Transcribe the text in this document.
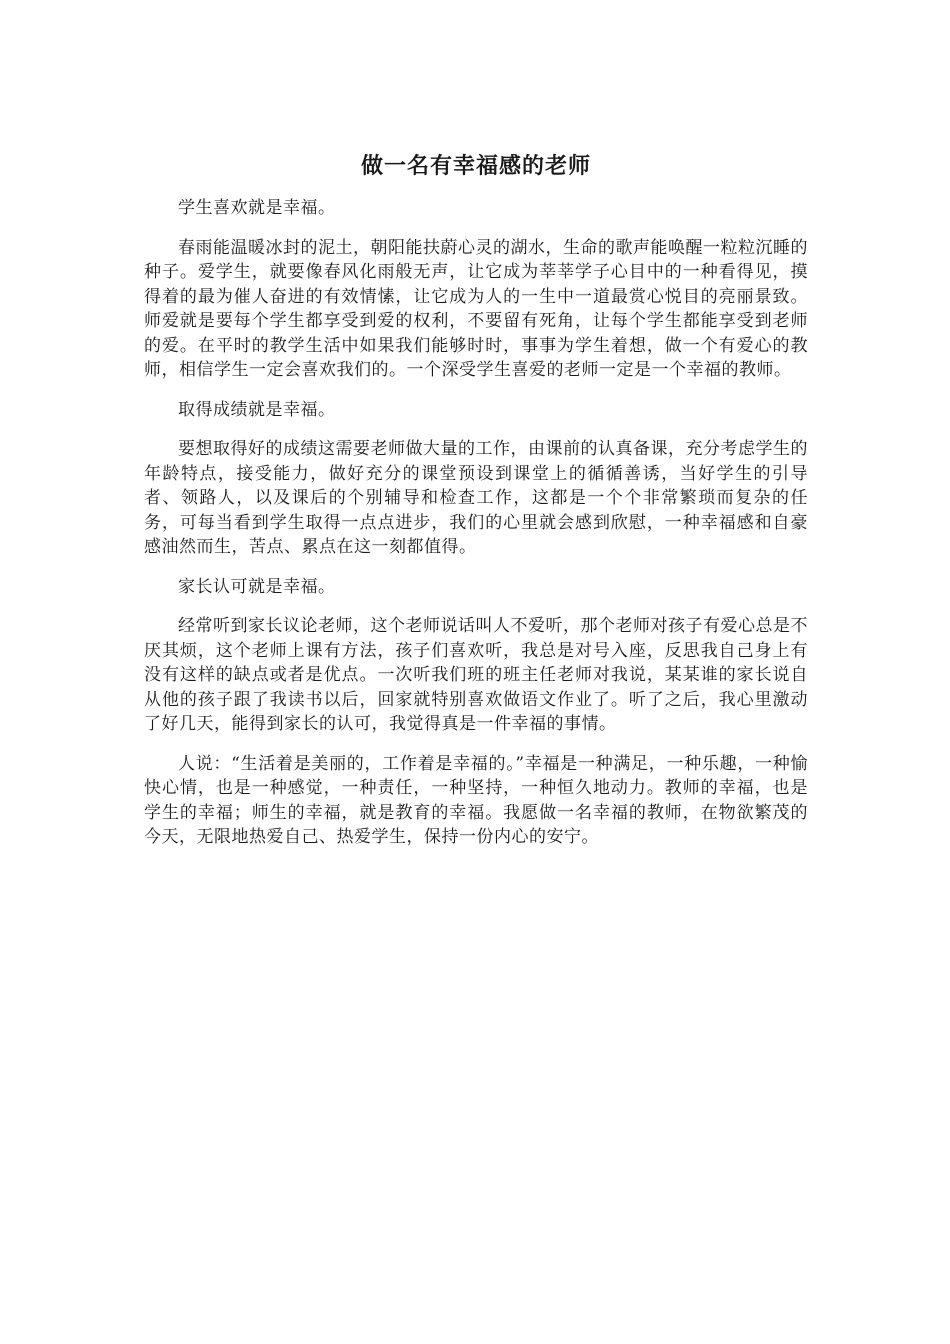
做一名有幸福感的老师

学生喜欢就是幸福。

春雨能温暖冰封的泥土，朝阳能扶蔚心灵的湖水，生命的歌声能唤醒一粒粒沉睡的种子。爱学生，就要像春风化雨般无声，让它成为莘莘学子心目中的一种看得见，摸得着的最为催人奋进的有效情愫，让它成为人的一生中一道最赏心悦目的亮丽景致。师爱就是要每个学生都享受到爱的权利，不要留有死角，让每个学生都能享受到老师的爱。在平时的教学生活中如果我们能够时时，事事为学生着想，做一个有爱心的教师，相信学生一定会喜欢我们的。一个深受学生喜爱的老师一定是一个幸福的教师。

取得成绩就是幸福。

要想取得好的成绩这需要老师做大量的工作，由课前的认真备课，充分考虑学生的年龄特点，接受能力，做好充分的课堂预设到课堂上的循循善诱，当好学生的引导者、领路人，以及课后的个别辅导和检查工作，这都是一个个非常繁琐而复杂的任务，可每当看到学生取得一点点进步，我们的心里就会感到欣慰，一种幸福感和自豪感油然而生，苦点、累点在这一刻都值得。

家长认可就是幸福。

经常听到家长议论老师，这个老师说话叫人不爱听，那个老师对孩子有爱心总是不厌其烦，这个老师上课有方法，孩子们喜欢听，我总是对号入座，反思我自己身上有没有这样的缺点或者是优点。一次听我们班的班主任老师对我说，某某谁的家长说自从他的孩子跟了我读书以后，回家就特别喜欢做语文作业了。听了之后，我心里激动了好几天，能得到家长的认可，我觉得真是一件幸福的事情。

人说：“生活着是美丽的，工作着是幸福的。”幸福是一种满足，一种乐趣，一种愉快心情，也是一种感觉，一种责任，一种坚持，一种恒久地动力。教师的幸福，也是学生的幸福；师生的幸福，就是教育的幸福。我愿做一名幸福的教师，在物欲繁茂的今天，无限地热爱自己、热爱学生，保持一份内心的安宁。
